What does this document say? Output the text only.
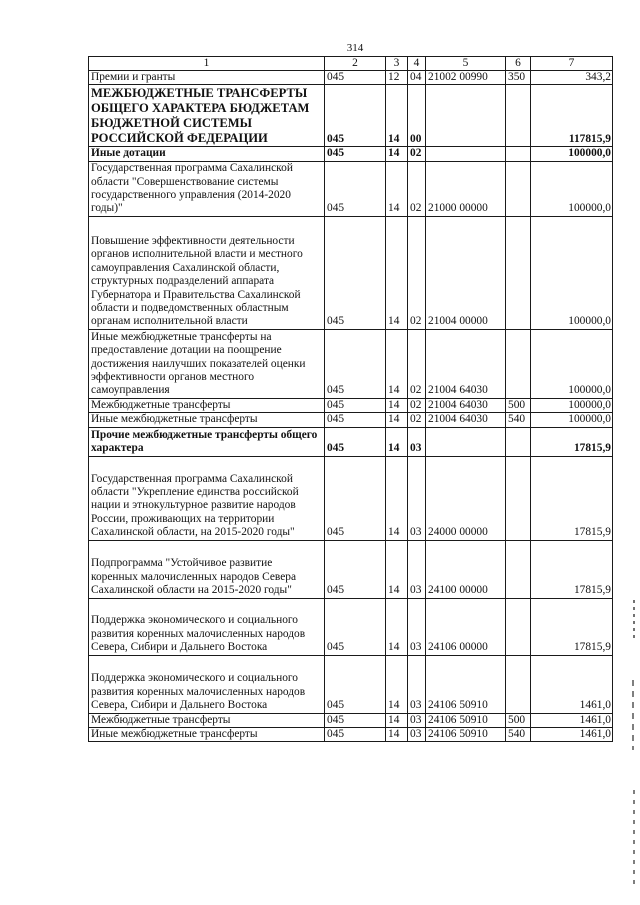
314
1	2	3	4	5	6	7
Премии и гранты	045	12	04	21002 00990	350	343,2
МЕЖБЮДЖЕТНЫЕ ТРАНСФЕРТЫ ОБЩЕГО ХАРАКТЕРА БЮДЖЕТАМ БЮДЖЕТНОЙ СИСТЕМЫ РОССИЙСКОЙ ФЕДЕРАЦИИ	045	14	00			117815,9
Иные дотации	045	14	02			100000,0
Государственная программа Сахалинской области "Совершенствование системы государственного управления (2014-2020 годы)"	045	14	02	21000 00000		100000,0
Повышение эффективности деятельности органов исполнительной власти и местного самоуправления Сахалинской области, структурных подразделений аппарата Губернатора и Правительства Сахалинской области и подведомственных областным органам исполнительной власти	045	14	02	21004 00000		100000,0
Иные межбюджетные трансферты на предоставление дотации на поощрение достижения наилучших показателей оценки эффективности органов местного самоуправления	045	14	02	21004 64030		100000,0
Межбюджетные трансферты	045	14	02	21004 64030	500	100000,0
Иные межбюджетные трансферты	045	14	02	21004 64030	540	100000,0
Прочие межбюджетные трансферты общего характера	045	14	03			17815,9
Государственная программа Сахалинской области "Укрепление единства российской нации и этнокультурное развитие народов России, проживающих на территории Сахалинской области, на 2015-2020 годы"	045	14	03	24000 00000		17815,9
Подпрограмма "Устойчивое развитие коренных малочисленных народов Севера Сахалинской области на 2015-2020 годы"	045	14	03	24100 00000		17815,9
Поддержка экономического и социального развития коренных малочисленных народов Севера, Сибири и Дальнего Востока	045	14	03	24106 00000		17815,9
Поддержка экономического и социального развития коренных малочисленных народов Севера, Сибири и Дальнего Востока	045	14	03	24106 50910		1461,0
Межбюджетные трансферты	045	14	03	24106 50910	500	1461,0
Иные межбюджетные трансферты	045	14	03	24106 50910	540	1461,0
